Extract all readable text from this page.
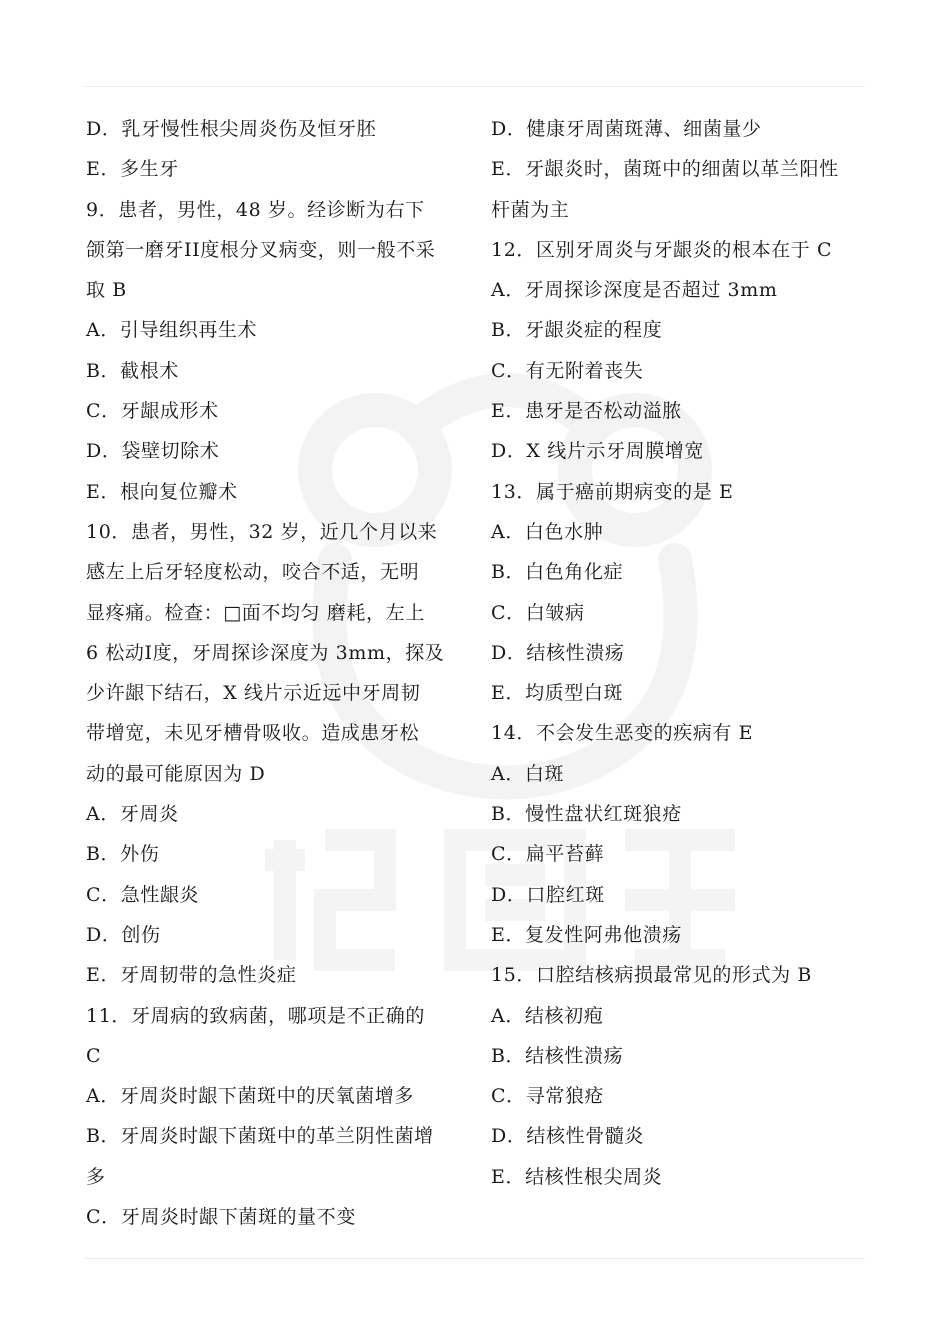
D．乳牙慢性根尖周炎伤及恒牙胚
E．多生牙
9．患者，男性，48 岁。经诊断为右下
颌第一磨牙II度根分叉病变，则一般不采
取 B
A．引导组织再生术
B．截根术
C．牙龈成形术
D．袋壁切除术
E．根向复位瓣术
10．患者，男性，32 岁，近几个月以来
感左上后牙轻度松动，咬合不适，无明
显疼痛。检查：□面不均匀 磨耗，左上
6 松动I度，牙周探诊深度为 3mm，探及
少许龈下结石，X 线片示近远中牙周韧
带增宽，未见牙槽骨吸收。造成患牙松
动的最可能原因为 D
A．牙周炎
B．外伤
C．急性龈炎
D．创伤
E．牙周韧带的急性炎症
11．牙周病的致病菌，哪项是不正确的
C
A．牙周炎时龈下菌斑中的厌氧菌增多
B．牙周炎时龈下菌斑中的革兰阴性菌增
多
C．牙周炎时龈下菌斑的量不变
D．健康牙周菌斑薄、细菌量少
E．牙龈炎时，菌斑中的细菌以革兰阳性
杆菌为主
12．区别牙周炎与牙龈炎的根本在于 C
A．牙周探诊深度是否超过 3mm
B．牙龈炎症的程度
C．有无附着丧失
E．患牙是否松动溢脓
D．X 线片示牙周膜增宽
13．属于癌前期病变的是 E
A．白色水肿
B．白色角化症
C．白皱病
D．结核性溃疡
E．均质型白斑
14．不会发生恶变的疾病有 E
A．白斑
B．慢性盘状红斑狼疮
C．扁平苔藓
D．口腔红斑
E．复发性阿弗他溃疡
15．口腔结核病损最常见的形式为 B
A．结核初疱
B．结核性溃疡
C．寻常狼疮
D．结核性骨髓炎
E．结核性根尖周炎
